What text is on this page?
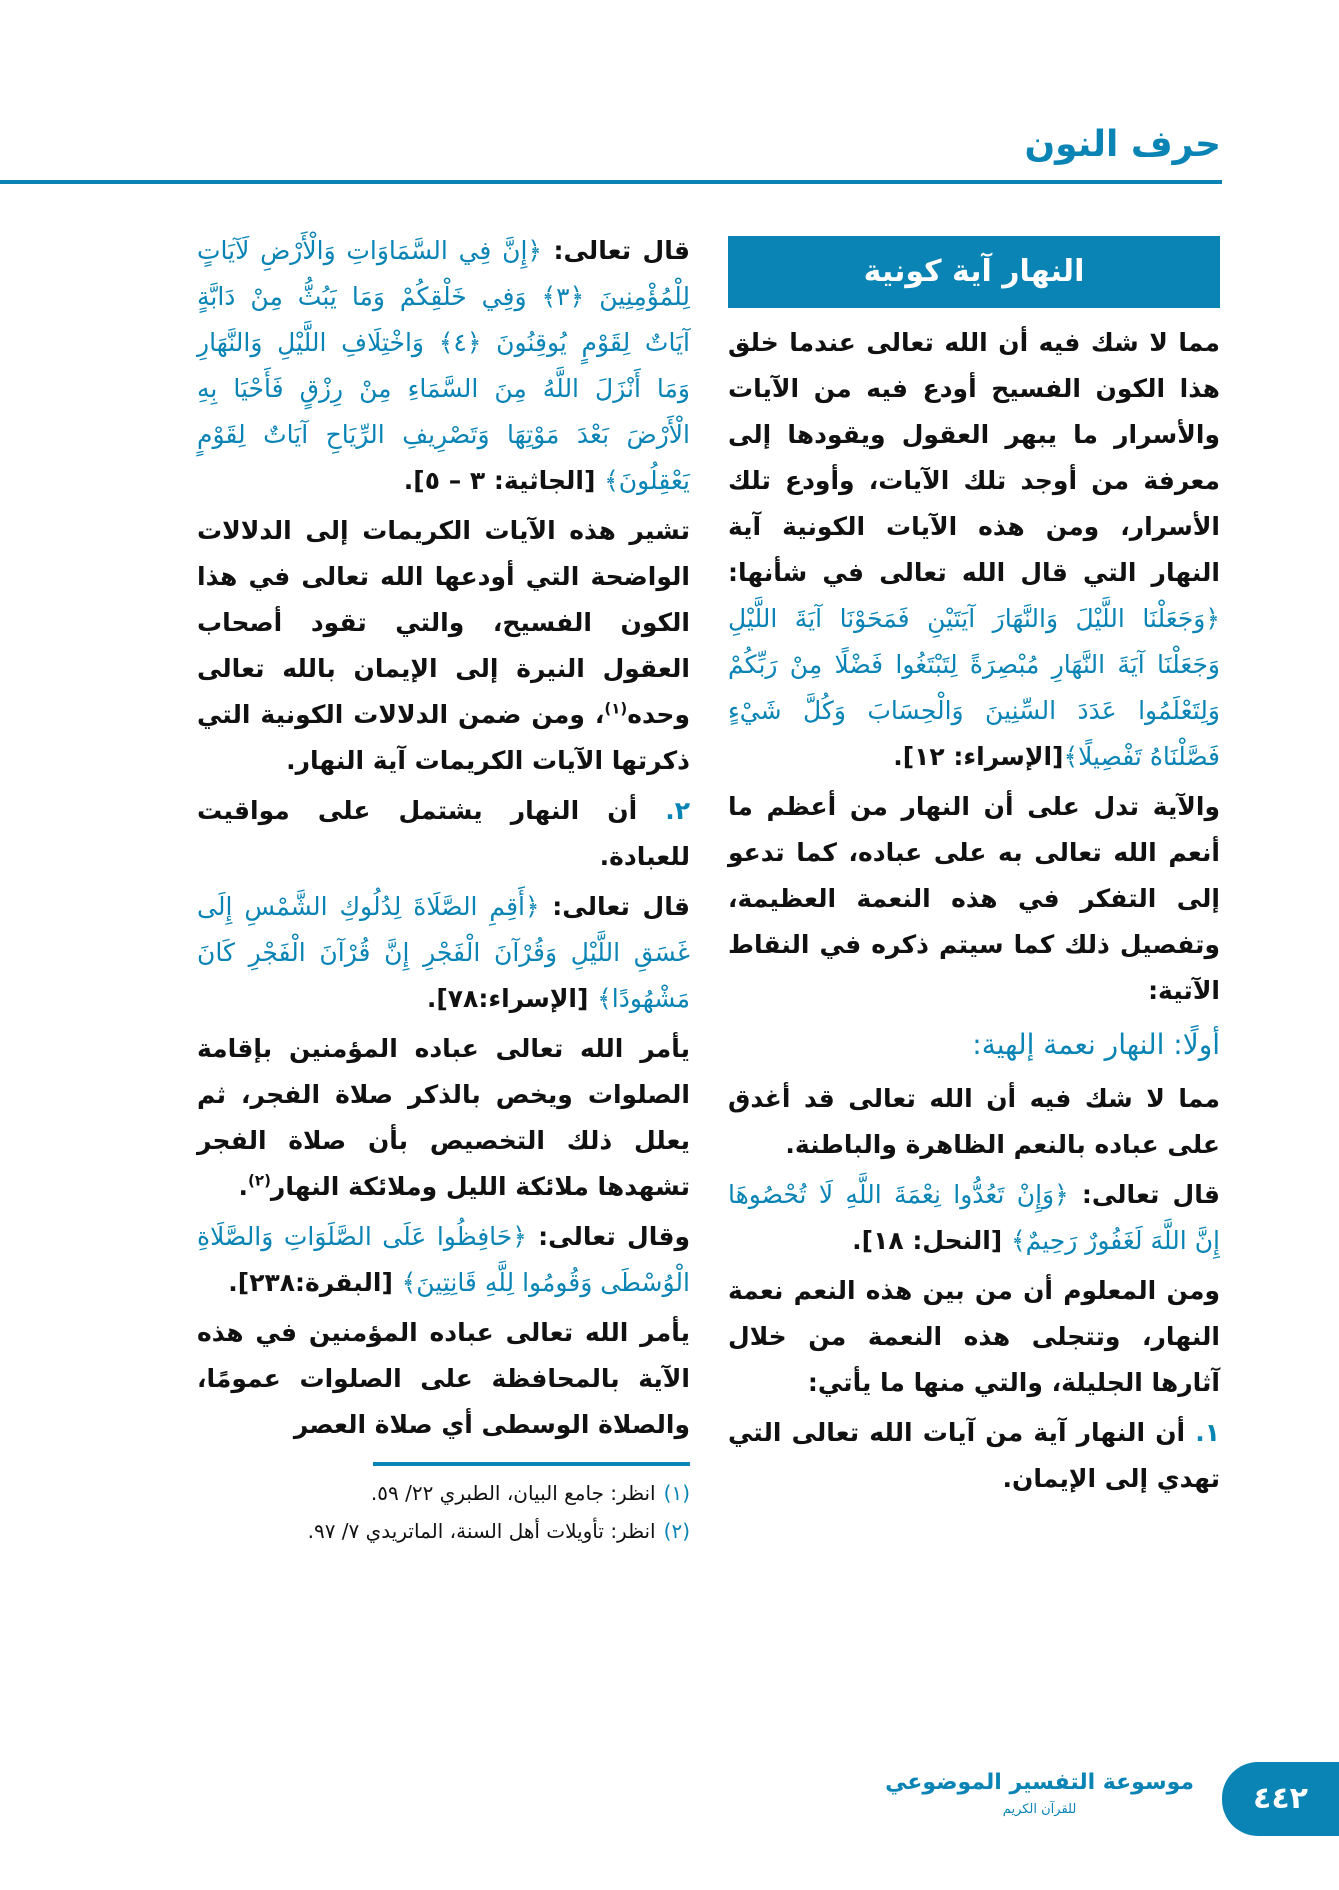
حرف النون
النهار آية كونية

مما لا شك فيه أن الله تعالى عندما خلق هذا الكون الفسيح أودع فيه من الآيات والأسرار ما يبهر العقول ويقودها إلى معرفة من أوجد تلك الآيات، وأودع تلك الأسرار، ومن هذه الآيات الكونية آية النهار التي قال الله تعالى في شأنها: ﴿وَجَعَلْنَا اللَّيْلَ وَالنَّهَارَ آيَتَيْنِ فَمَحَوْنَا آيَةَ اللَّيْلِ وَجَعَلْنَا آيَةَ النَّهَارِ مُبْصِرَةً لِتَبْتَغُوا فَضْلًا مِنْ رَبِّكُمْ وَلِتَعْلَمُوا عَدَدَ السِّنِينَ وَالْحِسَابَ وَكُلَّ شَيْءٍ فَصَّلْنَاهُ تَفْصِيلًا﴾[الإسراء: ١٢].

والآية تدل على أن النهار من أعظم ما أنعم الله تعالى به على عباده، كما تدعو إلى التفكر في هذه النعمة العظيمة، وتفصيل ذلك كما سيتم ذكره في النقاط الآتية:

أولًا: النهار نعمة إلهية:

مما لا شك فيه أن الله تعالى قد أغدق على عباده بالنعم الظاهرة والباطنة.

قال تعالى: ﴿وَإِنْ تَعُدُّوا نِعْمَةَ اللَّهِ لَا تُحْصُوهَا إِنَّ اللَّهَ لَغَفُورٌ رَحِيمٌ﴾ [النحل: ١٨].

ومن المعلوم أن من بين هذه النعم نعمة النهار، وتتجلى هذه النعمة من خلال آثارها الجليلة، والتي منها ما يأتي:

١. أن النهار آية من آيات الله تعالى التي تهدي إلى الإيمان.

قال تعالى: ﴿إِنَّ فِي السَّمَاوَاتِ وَالْأَرْضِ لَآيَاتٍ لِلْمُؤْمِنِينَ ﴿٣﴾ وَفِي خَلْقِكُمْ وَمَا يَبُثُّ مِنْ دَابَّةٍ آيَاتٌ لِقَوْمٍ يُوقِنُونَ ﴿٤﴾ وَاخْتِلَافِ اللَّيْلِ وَالنَّهَارِ وَمَا أَنْزَلَ اللَّهُ مِنَ السَّمَاءِ مِنْ رِزْقٍ فَأَحْيَا بِهِ الْأَرْضَ بَعْدَ مَوْتِهَا وَتَصْرِيفِ الرِّيَاحِ آيَاتٌ لِقَوْمٍ يَعْقِلُونَ﴾ [الجاثية: ٣ – ٥].

تشير هذه الآيات الكريمات إلى الدلالات الواضحة التي أودعها الله تعالى في هذا الكون الفسيح، والتي تقود أصحاب العقول النيرة إلى الإيمان بالله تعالى وحده$^{(١)}$، ومن ضمن الدلالات الكونية التي ذكرتها الآيات الكريمات آية النهار.

٢. أن النهار يشتمل على مواقيت للعبادة.

قال تعالى: ﴿أَقِمِ الصَّلَاةَ لِدُلُوكِ الشَّمْسِ إِلَى غَسَقِ اللَّيْلِ وَقُرْآنَ الْفَجْرِ إِنَّ قُرْآنَ الْفَجْرِ كَانَ مَشْهُودًا﴾ [الإسراء:٧٨].

يأمر الله تعالى عباده المؤمنين بإقامة الصلوات ويخص بالذكر صلاة الفجر، ثم يعلل ذلك التخصيص بأن صلاة الفجر تشهدها ملائكة الليل وملائكة النهار$^{(٢)}$.

وقال تعالى: ﴿حَافِظُوا عَلَى الصَّلَوَاتِ وَالصَّلَاةِ الْوُسْطَى وَقُومُوا لِلَّهِ قَانِتِينَ﴾ [البقرة:٢٣٨].

يأمر الله تعالى عباده المؤمنين في هذه الآية بالمحافظة على الصلوات عمومًا، والصلاة الوسطى أي صلاة العصر

(١)انظر: جامع البيان، الطبري ٢٢/ ٥٩.
(٢)انظر: تأويلات أهل السنة، الماتريدي ٧/ ٩٧.
موسوعة التفسير الموضوعي
للقرآن الكريم	٤٤٢
